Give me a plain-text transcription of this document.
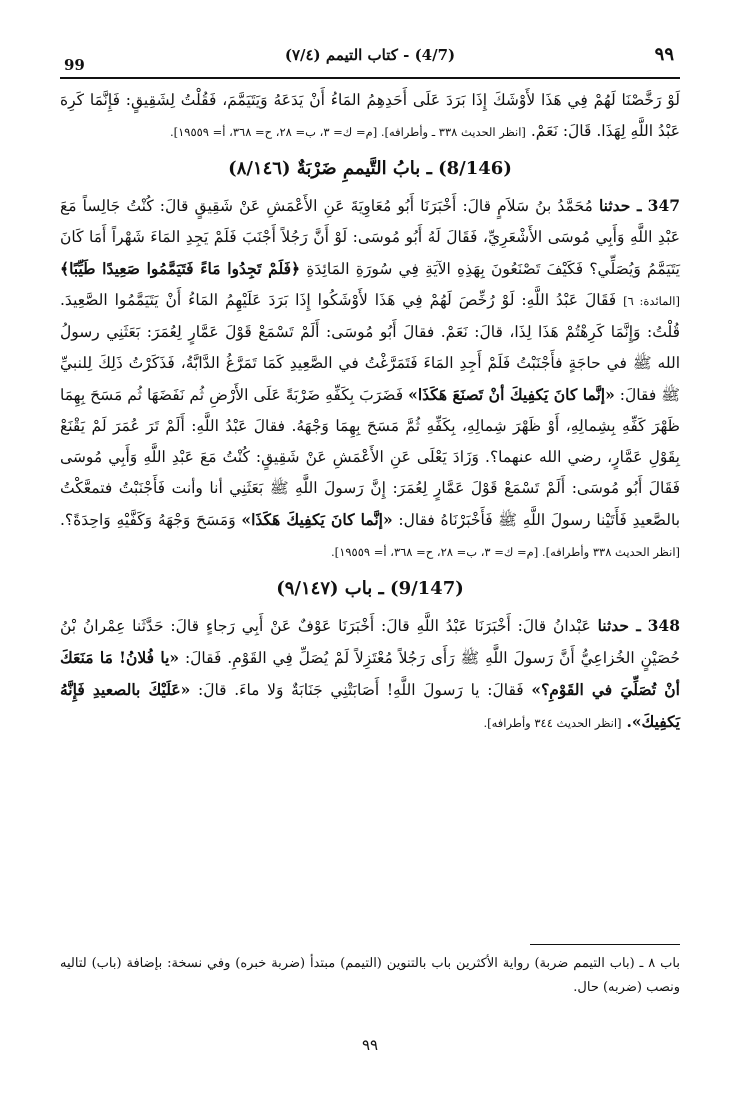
99
(4/7) - كتاب التيمم (٧/٤)	٩٩

لَوْ رَخَّصْنَا لَهُمْ فِي هَذَا لأَوْشَكَ إِذَا بَرَدَ عَلَى أَحَدِهِمُ المَاءُ أَنْ يَدَعَهُ وَيَتَيَمَّمَ، فَقُلْتُ لِشَقِيقٍ: فَإِنَّمَا كَرِهَ عَبْدُ اللَّهِ لِهَذَا. قَالَ: نَعَمْ. [انظر الحديث ٣٣٨ ـ وأطرافه]. [م= ك= ٣، ب= ٢٨، ح= ٣٦٨، أ= ١٩٥٥٩].

(8/146) ـ بابُ التَّيممِ ضَرْبَةٌ (٨/١٤٦)

347 ـ حدثنا مُحَمَّدُ بنُ سَلاَمٍ قالَ: أَخْبَرَنَا أَبُو مُعَاوِيَةَ عَنِ الأَعْمَشِ عَنْ شَقِيقٍ قالَ: كُنْتُ جَالِساً مَعَ عَبْدِ اللَّهِ وَأَبِي مُوسَى الأَشْعَرِيِّ، فَقَالَ لَهُ أَبُو مُوسَى: لَوْ أَنَّ رَجُلاً أَجْنَبَ فَلَمْ يَجِدِ المَاءَ شَهْراً أَمَا كَانَ يَتَيَمَّمُ وَيُصَلِّي؟ فَكَيْفَ تَصْنَعُونَ بِهَذِهِ الآيَةِ فِي سُورَةِ المَائِدَةِ ﴿فَلَمْ تَجِدُوا مَاءً فَتَيَمَّمُوا صَعِيدًا طَيِّبًا﴾ [المائدة: ٦] فَقَالَ عَبْدُ اللَّهِ: لَوْ رُخِّصَ لَهُمْ فِي هَذَا لأَوْشَكُوا إِذَا بَرَدَ عَلَيْهِمُ المَاءُ أَنْ يَتَيَمَّمُوا الصَّعِيدَ. قُلْتُ: وَإِنَّمَا كَرِهْتُمْ هَذَا لِذَا، قالَ: نَعَمْ. فقالَ أَبُو مُوسَى: أَلَمْ تَسْمَعْ قَوْلَ عَمَّارٍ لِعُمَرَ: بَعَثَنِي رسولُ الله ﷺ في حاجَةٍ فأَجْنَبْتُ فَلَمْ أَجِدِ المَاءَ فَتَمَرَّغْتُ في الصَّعِيدِ كَمَا تَمَرَّغُ الدَّابَّةُ، فَذَكَرْتُ ذَلِكَ لِلنبيِّ ﷺ فقالَ: «إنَّما كانَ يَكفِيكَ أنْ تَصنَعَ هَكَذَا» فَضَرَبَ بِكَفِّهِ ضَرْبَةً عَلَى الأَرْضِ ثُم نَفَضَهَا ثُم مَسَحَ بِهِمَا ظَهْرَ كَفِّهِ بِشِمالِهِ، أَوْ ظَهْرَ شِمالِهِ، بِكَفِّهِ ثُمَّ مَسَحَ بِهِمَا وَجْهَهُ. فقالَ عَبْدُ اللَّهِ: أَلَمْ تَرَ عُمَرَ لَمْ يَقْنَعْ بِقَوْلِ عَمَّارٍ، رضي الله عنهما؟. وَزَادَ يَعْلَى عَنِ الأَعْمَشِ عَنْ شَقِيقٍ: كُنْتُ مَعَ عَبْدِ اللَّهِ وَأَبِي مُوسَى فَقَالَ أَبُو مُوسَى: أَلَمْ تَسْمَعْ قَوْلَ عَمَّارٍ لِعُمَرَ: إِنَّ رَسولَ اللَّهِ ﷺ بَعَثَنِي أنا وأنت فَأَجْنَبْتُ فتمعَّكْتُ بالصَّعيدِ فَأَتَيْنا رسولَ اللَّهِ ﷺ فَأَخْبَرْنَاهُ فقال: «إنَّما كانَ يَكفِيكَ هَكَذَا» وَمَسَحَ وَجْهَهُ وَكَفَّيْهِ وَاحِدَةً؟. [انظر الحديث ٣٣٨ وأطرافه]. [م= ك= ٣، ب= ٢٨، ح= ٣٦٨، أ= ١٩٥٥٩].

(9/147) ـ باب (٩/١٤٧)

348 ـ حدثنا عَبْدانُ قالَ: أَخْبَرَنَا عَبْدُ اللَّهِ قالَ: أَخْبَرَنَا عَوْفٌ عَنْ أَبِي رَجاءٍ قالَ: حَدَّثَنا عِمْرانُ بْنُ حُصَيْنٍ الخُزاعِيُّ أَنَّ رَسولَ اللَّهِ ﷺ رَأَى رَجُلاً مُعْتَزِلاً لَمْ يُصَلِّ فِي القَوْمِ. فَقالَ: «يا فُلانُ! مَا مَنَعَكَ أنْ تُصَلِّيَ في القَوْمِ؟» فَقالَ: يا رَسولَ اللَّهِ! أَصَابَتْنِي جَنَابَةٌ وَلا ماءَ. قالَ: «عَلَيْكَ بالصعيدِ فَإِنَّهُ يَكفِيكَ». [انظر الحديث ٣٤٤ وأطرافه].

باب ٨ ـ (باب التيمم ضربة) رواية الأكثرين باب بالتنوين (التيمم) مبتدأ (ضربة خبره) وفي نسخة: بإضافة (باب) لتاليه ونصب (ضربه) حال.

٩٩
